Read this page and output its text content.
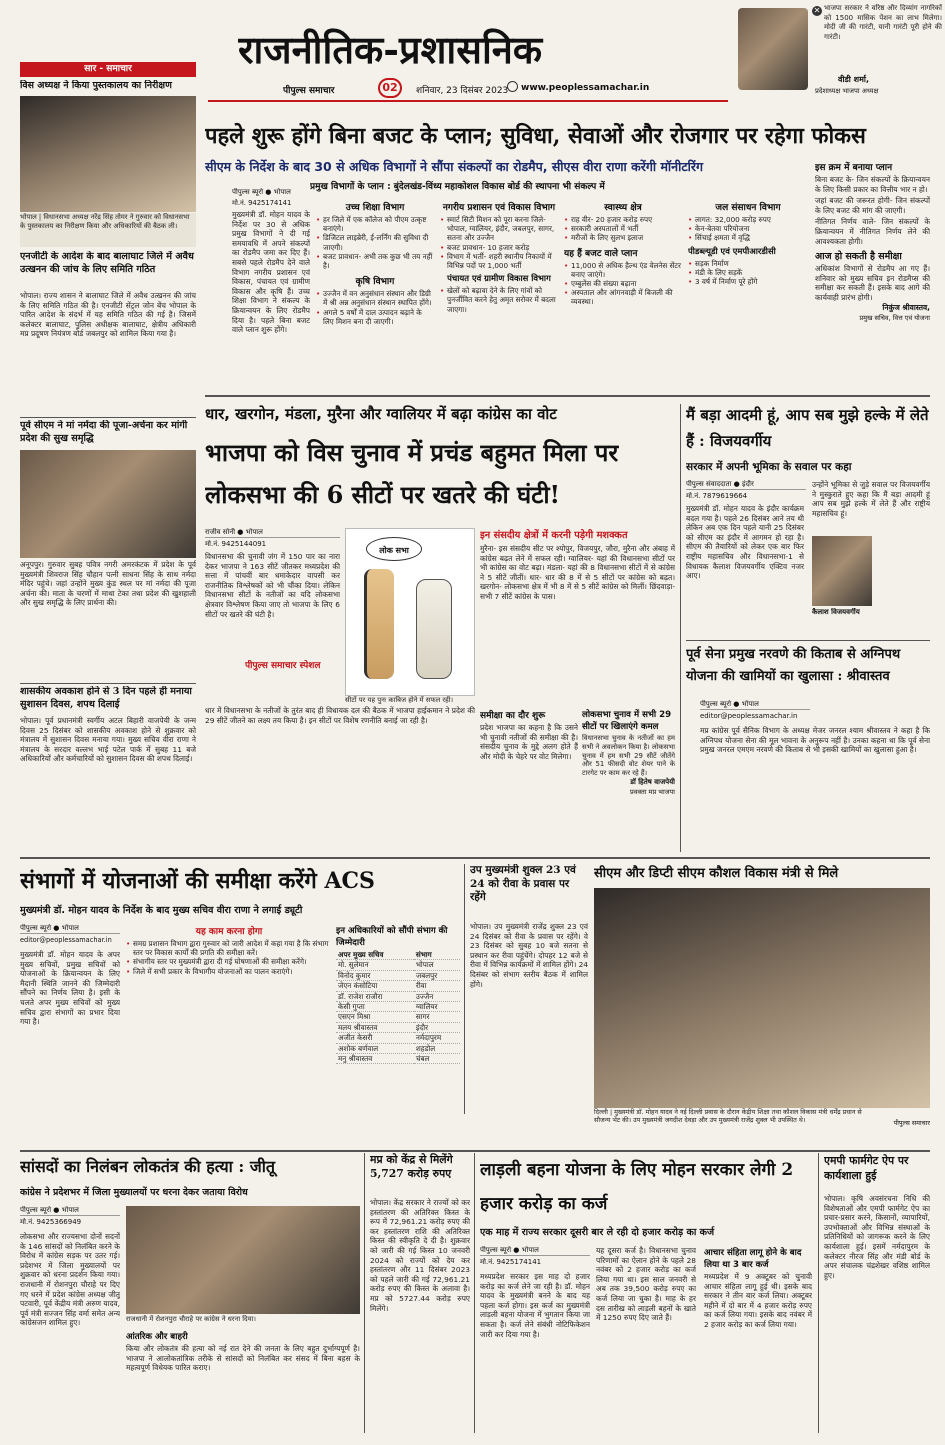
राजनीतिक-प्रशासनिक
पीपुल्स समाचार	02	शनिवार, 23 दिसंबर 2023	www.peoplessamachar.in
✕ भाजपा सरकार ने वरिष्ठ और दिव्यांग नागरिकों को 1500 मासिक पेंशन का लाभ मिलेगा। मोदी जी की गारंटी, यानी गारंटी पूरी होने की गारंटी।
वीडी शर्मा,
प्रदेशाध्यक्ष भाजपा अध्यक्ष
सार - समाचार
विस अध्यक्ष ने किया पुस्तकालय का निरीक्षण
भोपाल | विधानसभा अध्यक्ष नरेंद्र सिंह तोमर ने गुरुवार को विधानसभा के पुस्तकालय का निरीक्षण किया और अधिकारियों की बैठक ली।
एनजीटी के आदेश के बाद बालाघाट जिले में अवैध उत्खनन की जांच के लिए समिति गठित
भोपाल। राज्य शासन ने बालाघाट जिले में अवैध उत्खनन की जांच के लिए समिति गठित की है। एनजीटी सेंट्रल जोन बेंच भोपाल के पारित आदेश के संदर्भ में यह समिति गठित की गई है। जिसमें कलेक्टर बालाघाट, पुलिस अधीक्षक बालाघाट, क्षेत्रीय अधिकारी मप्र प्रदूषण नियंत्रण बोर्ड जबलपुर को शामिल किया गया है।
पूर्व सीएम ने मां नर्मदा की पूजा-अर्चना कर मांगी प्रदेश की सुख समृद्धि
अनूपपुर। गुरुवार सुबह पवित्र नगरी अमरकंटक में प्रदेश के पूर्व मुख्यमंत्री शिवराज सिंह चौहान पत्नी साधना सिंह के साथ नर्मदा मंदिर पहुंचे। जहां उन्होंने मुख्य कुंड स्थल पर मां नर्मदा की पूजा अर्चना की। माता के चरणों में माथा टेका तथा प्रदेश की खुशहाली और सुख समृद्धि के लिए प्रार्थना की।
शासकीय अवकाश होने से 3 दिन पहले ही मनाया सुशासन दिवस, शपथ दिलाई
भोपाल। पूर्व प्रधानमंत्री स्वर्गीय अटल बिहारी वाजपेयी के जन्म दिवस 25 दिसंबर को शासकीय अवकाश होने से शुक्रवार को मंत्रालय में सुशासन दिवस मनाया गया। मुख्य सचिव वीरा राणा ने मंत्रालय के सरदार वल्लभ भाई पटेल पार्क में सुबह 11 बजे अधिकारियों और कर्मचारियों को सुशासन दिवस की शपथ दिलाई।
पहले शुरू होंगे बिना बजट के प्लान; सुविधा, सेवाओं और रोजगार पर रहेगा फोकस
सीएम के निर्देश के बाद 30 से अधिक विभागों ने सौंपा संकल्पों का रोडमैप, सीएस वीरा राणा करेंगी मॉनीटरिंग
प्रमुख विभागों के प्लान : बुंदेलखंड-विंध्य महाकोशल विकास बोर्ड की स्थापना भी संकल्प में
पीपुल्स ब्यूरो ● भोपाल
मो.नं. 9425174141
मुख्यमंत्री डॉ. मोहन यादव के निर्देश पर 30 से अधिक प्रमुख विभागों ने दी गई समयावधि में अपने संकल्पों का रोडमैप जमा कर दिए हैं। सबसे पहले रोडमैप देने वाले विभाग नगरीय प्रशासन एवं विकास, पंचायत एवं ग्रामीण विकास और कृषि हैं। उच्च शिक्षा विभाग ने संकल्प के क्रियान्वयन के लिए रोडमैप दिया है। पहले बिना बजट वाले प्लान शुरू होंगे।
उच्च शिक्षा विभाग
• हर जिले में एक कॉलेज को पीएम उत्कृष्ट बनाएंगे।
• डिजिटल लाइब्रेरी, ई-लर्निंग की सुविधा दी जाएगी।
• बजट प्रावधान- अभी तक कुछ भी तय नहीं है।
कृषि विभाग
• उज्जैन में वन अनुसंधान संस्थान और डिग्री में श्री अन्न अनुसंधान संस्थान स्थापित होंगे।
• अगले 5 वर्षों में दाल उत्पादन बढ़ाने के लिए मिशन बना दी जाएगी।
नगरीय प्रशासन एवं विकास विभाग
• स्मार्ट सिटी मिशन को पूरा करना जिले-भोपाल, ग्वालियर, इंदौर, जबलपुर, सागर, सतना और उज्जैन
• बजट प्रावधान- 10 हजार करोड़
• विभाग में भर्ती- शहरी स्थानीय निकायों में विभिन्न पदों पर 1,000 भर्ती
पंचायत एवं ग्रामीण विकास विभाग
• खेलों को बढ़ावा देने के लिए गांवों को पुनर्जीवित करने हेतु अमृत सरोवर में बदला जाएगा।
स्वास्थ्य क्षेत्र
• राह वीर- 20 हजार करोड़ रुपए
• सरकारी अस्पतालों में भर्ती
• मरीजों के लिए सुलभ इलाज
यह हैं बजट वाले प्लान
• 11,000 से अधिक हैल्थ एंड वेलनेस सेंटर बनाए जाएंगे।
• एम्बुलेंस की संख्या बढ़ाना
• अस्पताल और आंगनवाड़ी में बिजली की व्यवस्था।
जल संसाधन विभाग
• लागत: 32,000 करोड़ रुपए
• केन-बेतवा परियोजना
• सिंचाई क्षमता में वृद्धि
पीडब्ल्यूडी एवं एमपीआरडीसी
• सड़क निर्माण
• मंडी के लिए सड़कें
• 3 वर्ष में निर्माण पूरे होंगे
इस क्रम में बनाया प्लान
बिना बजट के- जिन संकल्पों के क्रियान्वयन के लिए किसी प्रकार का वित्तीय भार न हो।
जहां बजट की जरूरत होगी- जिन संकल्पों के लिए बजट की मांग की जाएगी।
नीतिगत निर्णय वाले- जिन संकल्पों के क्रियान्वयन में नीतिगत निर्णय लेने की आवश्यकता होगी।
आज हो सकती है समीक्षा
अधिकांश विभागों से रोडमैप आ गए हैं। शनिवार को मुख्य सचिव इन रोडमैप्स की समीक्षा कर सकती हैं। इसके बाद आगे की कार्यवाही प्रारंभ होगी।
निकुंज श्रीवास्तव,
प्रमुख सचिव, वित्त एवं योजना
धार, खरगोन, मंडला, मुरैना और ग्वालियर में बढ़ा कांग्रेस का वोट
भाजपा को विस चुनाव में प्रचंड बहुमत मिला पर लोकसभा की 6 सीटों पर खतरे की घंटी!
राजीव सोनी ● भोपाल
मो.नं. 9425144091
विधानसभा की चुनावी जंग में 150 पार का नारा देकर भाजपा ने 163 सीटें जीतकर मध्यप्रदेश की सत्ता में पांचवीं बार धमाकेदार वापसी कर राजनीतिक विश्लेषकों को भी चौंका दिया। लेकिन विधानसभा सीटों के नतीजों का यदि लोकसभा क्षेत्रवार विश्लेषण किया जाए तो भाजपा के लिए 6 सीटों पर खतरे की घंटी है।
पीपुल्स समाचार स्पेशल
धार में विधानसभा के नतीजों के तुरंत बाद ही विधायक दल की बैठक में भाजपा हाईकमान ने प्रदेश की 29 सीटें जीतने का लक्ष्य तय किया है। इन सीटों पर विशेष रणनीति बनाई जा रही है।
लोक सभा
सीटों पर यह पुनः काबिज होने में सफल रही।
इन संसदीय क्षेत्रों में करनी पड़ेगी मशक्कत
मुरैना- इस संसदीय सीट पर श्योपुर, विजयपुर, जौरा, मुरैना और अंबाह में कांग्रेस बढ़त लेने में सफल रही। ग्वालियर- यहां की विधानसभा सीटों पर भी कांग्रेस का वोट बढ़ा। मंडला- यहां की 8 विधानसभा सीटों में से कांग्रेस ने 5 सीटें जीतीं। धार- धार की 8 में से 5 सीटों पर कांग्रेस को बढ़त। खरगोन- लोकसभा क्षेत्र में भी 8 में से 5 सीटें कांग्रेस को मिलीं। छिंदवाड़ा- सभी 7 सीटें कांग्रेस के पास।
समीक्षा का दौर शुरू
प्रदेश भाजपा का कहना है कि उसने भी चुनावी नतीजों की समीक्षा की है। संसदीय चुनाव के मुद्दे अलग होते हैं और मोदी के चेहरे पर वोट मिलेगा।
लोकसभा चुनाव में सभी 29 सीटों पर खिलाएंगे कमल
विधानसभा चुनाव के नतीजों का हम सभी ने अवलोकन किया है। लोकसभा चुनाव में हम सभी 29 सीटें जीतेंगे और 51 फीसदी वोट शेयर पाने के टारगेट पर काम कर रहे हैं।
डॉ हितेष वाजपेयी
प्रवक्ता मप्र भाजपा
मैं बड़ा आदमी हूं, आप सब मुझे हल्के में लेते हैं : विजयवर्गीय
सरकार में अपनी भूमिका के सवाल पर कहा
पीपुल्स संवाददाता ● इंदौर
मो.नं. 7879619664
मुख्यमंत्री डॉ. मोहन यादव के इंदौर कार्यक्रम बदल गया है। पहले 26 दिसंबर आने तय थी लेकिन अब एक दिन पहले यानी 25 दिसंबर को सीएम का इंदौर में आगमन हो रहा है। सीएम की तैयारियों को लेकर एक बार फिर राष्ट्रीय महासचिव और विधानसभा-1 से विधायक कैलाश विजयवर्गीय एक्टिव नजर आए।
उन्होंने भूमिका से जुड़े सवाल पर विजयवर्गीय ने मुस्कुराते हुए कहा कि मैं बड़ा आदमी हूं आप सब मुझे हल्के में लेते हैं और राष्ट्रीय महासचिव हूं।
कैलाश विजयवर्गीय
पूर्व सेना प्रमुख नरवणे की किताब से अग्निपथ योजना की खामियों का खुलासा : श्रीवास्तव
पीपुल्स ब्यूरो ● भोपाल
editor@peoplessamachar.in
मप्र कांग्रेस पूर्व सैनिक विभाग के अध्यक्ष मेजर जनरल श्याम श्रीवास्तव ने कहा है कि अग्निपथ योजना सेना की मूल भावना के अनुरूप नहीं है। उनका कहना था कि पूर्व सेना प्रमुख जनरल एमएम नरवणे की किताब से भी इसकी खामियों का खुलासा हुआ है।
संभागों में योजनाओं की समीक्षा करेंगे ACS
मुख्यमंत्री डॉ. मोहन यादव के निर्देश के बाद मुख्य सचिव वीरा राणा ने लगाई ड्यूटी
पीपुल्स ब्यूरो ● भोपाल
editor@peoplessamachar.in
मुख्यमंत्री डॉ. मोहन यादव के अपर मुख्य सचिवों, प्रमुख सचिवों को योजनाओं के क्रियान्वयन के लिए मैदानी स्थिति जानने की जिम्मेदारी सौंपने का निर्णय लिया है। इसी के चलते अपर मुख्य सचिवों को मुख्य सचिव द्वारा संभागों का प्रभार दिया गया है।
यह काम करना होगा
• समग्र प्रशासन विभाग द्वारा गुरुवार को जारी आदेश में कहा गया है कि संभाग स्तर पर विकास कार्यों की प्रगति की समीक्षा करें।
• संभागीय स्तर पर मुख्यमंत्री द्वारा दी गई घोषणाओं की समीक्षा करेंगे।
• जिले में सभी प्रकार के विभागीय योजनाओं का पालन कराएंगे।
इन अधिकारियों को सौंपी संभाग की जिम्मेदारी
अपर मुख्य सचिव	संभाग
मो. सुलेमान	भोपाल
विनोद कुमार	जबलपुर
जेएन कंसोटिया	रीवा
डॉ. राजेश राजौरा	उज्जैन
केसी गुप्ता	ग्वालियर
एसएन मिश्रा	सागर
मलय श्रीवास्तव	इंदौर
अजीत केसरी	नर्मदापुरम
अशोक बर्णवाल	शहडोल
मनु श्रीवास्तव	चंबल
उप मुख्यमंत्री शुक्ल 23 एवं 24 को रीवा के प्रवास पर रहेंगे
भोपाल। उप मुख्यमंत्री राजेंद्र शुक्ल 23 एवं 24 दिसंबर को रीवा के प्रवास पर रहेंगे। वे 23 दिसंबर को सुबह 10 बजे सतना से प्रस्थान कर रीवा पहुंचेंगे। दोपहर 12 बजे से रीवा में विभिन्न कार्यक्रमों में शामिल होंगे। 24 दिसंबर को संभाग स्तरीय बैठक में शामिल होंगे।
सीएम और डिप्टी सीएम कौशल विकास मंत्री से मिले
दिल्ली | मुख्यमंत्री डॉ. मोहन यादव ने नई दिल्ली प्रवास के दौरान केंद्रीय शिक्षा तथा कौशल विकास मंत्री धर्मेंद्र प्रधान से सौजन्य भेंट की। उप मुख्यमंत्री जगदीश देवड़ा और उप मुख्यमंत्री राजेंद्र शुक्ल भी उपस्थित थे।	पीपुल्स समाचार
सांसदों का निलंबन लोकतंत्र की हत्या : जीतू
कांग्रेस ने प्रदेशभर में जिला मुख्यालयों पर धरना देकर जताया विरोध
पीपुल्स ब्यूरो ● भोपाल
मो.नं. 9425366949
लोकसभा और राज्यसभा दोनों सदनों के 146 सांसदों को निलंबित करने के विरोध में कांग्रेस सड़क पर उतर गई। प्रदेशभर में जिला मुख्यालयों पर शुक्रवार को धरना प्रदर्शन किया गया। राजधानी में रोशनपुरा चौराहे पर दिए गए धरने में प्रदेश कांग्रेस अध्यक्ष जीतू पटवारी, पूर्व केंद्रीय मंत्री अरुण यादव, पूर्व मंत्री सज्जन सिंह वर्मा समेत अन्य कांग्रेसजन शामिल हुए।	राजधानी में रोशनपुरा चौराहे पर कांग्रेस ने धरना दिया।
आंतरिक और बाहरी
किया और लोकतंत्र की हत्या को नई रात देने की जनता के लिए बहुत दुर्भाग्यपूर्ण है। भाजपा ने आलोकतांत्रिक तरीके से सांसदों को निलंबित कर संसद में बिना बहस के महत्वपूर्ण विधेयक पारित कराए।
मप्र को केंद्र से मिलेंगे 5,727 करोड़ रुपए
भोपाल। केंद्र सरकार ने राज्यों को कर हस्तांतरण की अतिरिक्त किस्त के रूप में 72,961.21 करोड़ रुपए की कर हस्तांतरण राशि की अतिरिक्त किस्त की स्वीकृति दे दी है। शुक्रवार को जारी की गई किस्त 10 जनवरी 2024 को राज्यों को देय कर हस्तांतरण और 11 दिसंबर 2023 को पहले जारी की गई 72,961.21 करोड़ रुपए की किस्त के अलावा है। मप्र को 5727.44 करोड़ रुपए मिलेंगे।
लाड़ली बहना योजना के लिए मोहन सरकार लेगी 2 हजार करोड़ का कर्ज
एक माह में राज्य सरकार दूसरी बार ले रही दो हजार करोड़ का कर्ज
पीपुल्स ब्यूरो ● भोपाल
मो.नं. 9425174141
मध्यप्रदेश सरकार इस माह दो हजार करोड़ का कर्ज लेने जा रही है। डॉ. मोहन यादव के मुख्यमंत्री बनने के बाद यह पहला कर्ज होगा। इस कर्ज का मुख्यमंत्री लाड़ली बहना योजना में भुगतान किया जा सकता है। कर्ज लेने संबंधी नोटिफिकेशन जारी कर दिया गया है।
यह दूसरा कर्ज है। विधानसभा चुनाव परिणामों का ऐलान होने के पहले 28 नवंबर को 2 हजार करोड़ का कर्ज लिया गया था। इस साल जनवरी से अब तक 39,500 करोड़ रुपए का कर्ज लिया जा चुका है। माह के हर दस तारीख को लाड़ली बहनों के खाते में 1250 रुपए दिए जाते हैं।
आचार संहिता लागू होने के बाद लिया था 3 बार कर्ज
मध्यप्रदेश में 9 अक्टूबर को चुनावी आचार संहिता लागू हुई थी। इसके बाद सरकार ने तीन बार कर्ज लिया। अक्टूबर महीने में दो बार में 4 हजार करोड़ रुपए का कर्ज लिया गया। इसके बाद नवंबर में 2 हजार करोड़ का कर्ज लिया गया।
एमपी फार्मगेट ऐप पर कार्यशाला हुई
भोपाल। कृषि अवसंरचना निधि की विशेषताओं और एमपी फार्मगेट ऐप का प्रचार-प्रसार करने, किसानों, व्यापारियों, उपभोक्ताओं और विभिन्न संस्थाओं के प्रतिनिधियों को जागरूक करने के लिए कार्यशाला हुई। इसमें नर्मदापुरम के कलेक्टर नीरज सिंह और मंडी बोर्ड के अपर संचालक चंद्रशेखर वशिष्ठ शामिल हुए।
